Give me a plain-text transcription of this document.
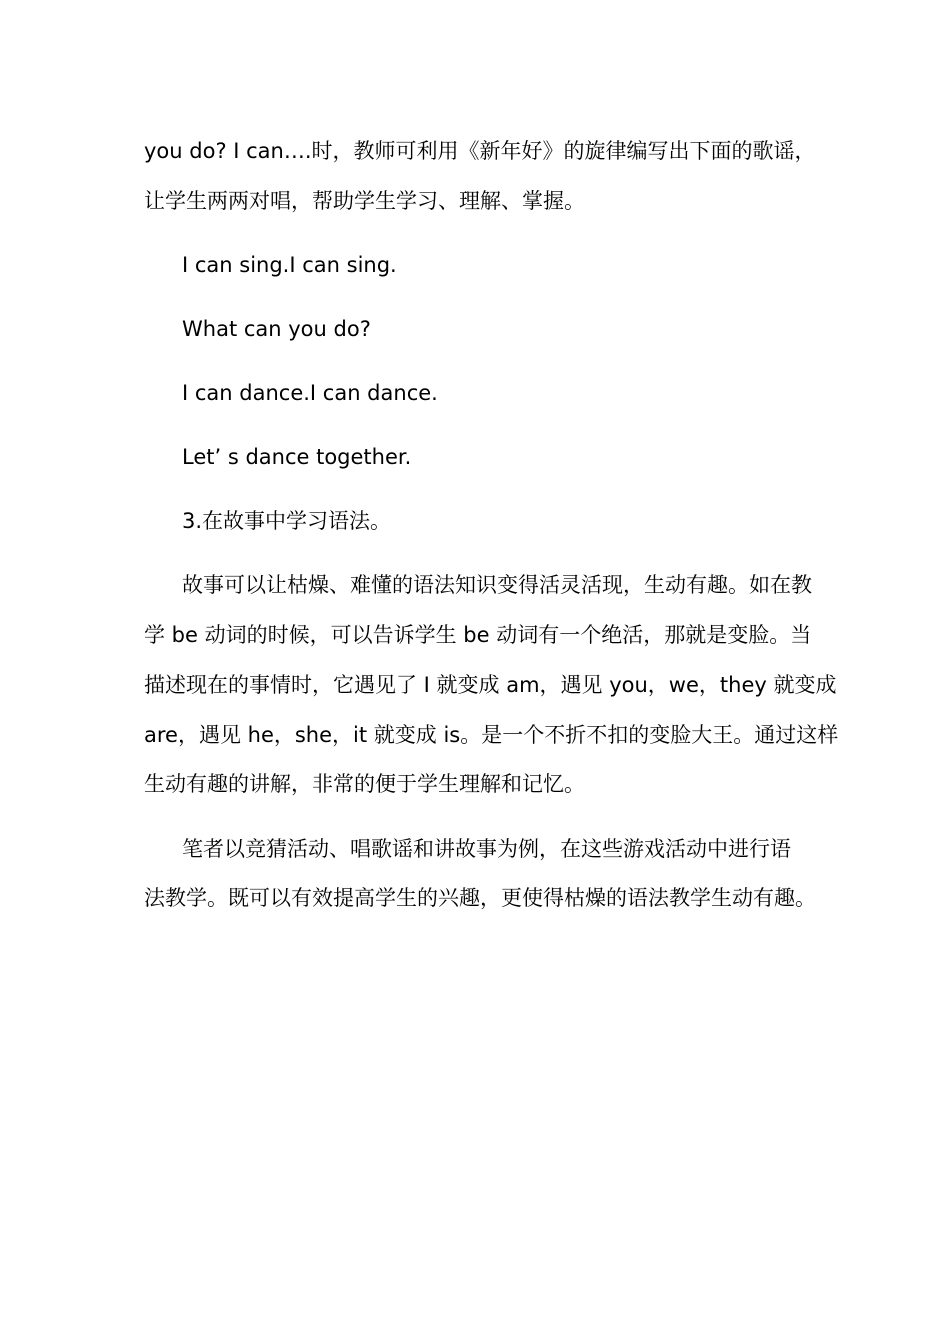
you do? I can….时，教师可利用《新年好》的旋律编写出下面的歌谣，
让学生两两对唱，帮助学生学习、理解、掌握。
I can sing.I can sing.
What can you do?
I can dance.I can dance.
Let’ s dance together.
3.在故事中学习语法。
故事可以让枯燥、难懂的语法知识变得活灵活现，生动有趣。如在教
学 be 动词的时候，可以告诉学生 be 动词有一个绝活，那就是变脸。当
描述现在的事情时，它遇见了 I 就变成 am，遇见 you，we，they 就变成
are，遇见 he，she，it 就变成 is。是一个不折不扣的变脸大王。通过这样
生动有趣的讲解，非常的便于学生理解和记忆。
笔者以竞猜活动、唱歌谣和讲故事为例，在这些游戏活动中进行语
法教学。既可以有效提高学生的兴趣，更使得枯燥的语法教学生动有趣。
